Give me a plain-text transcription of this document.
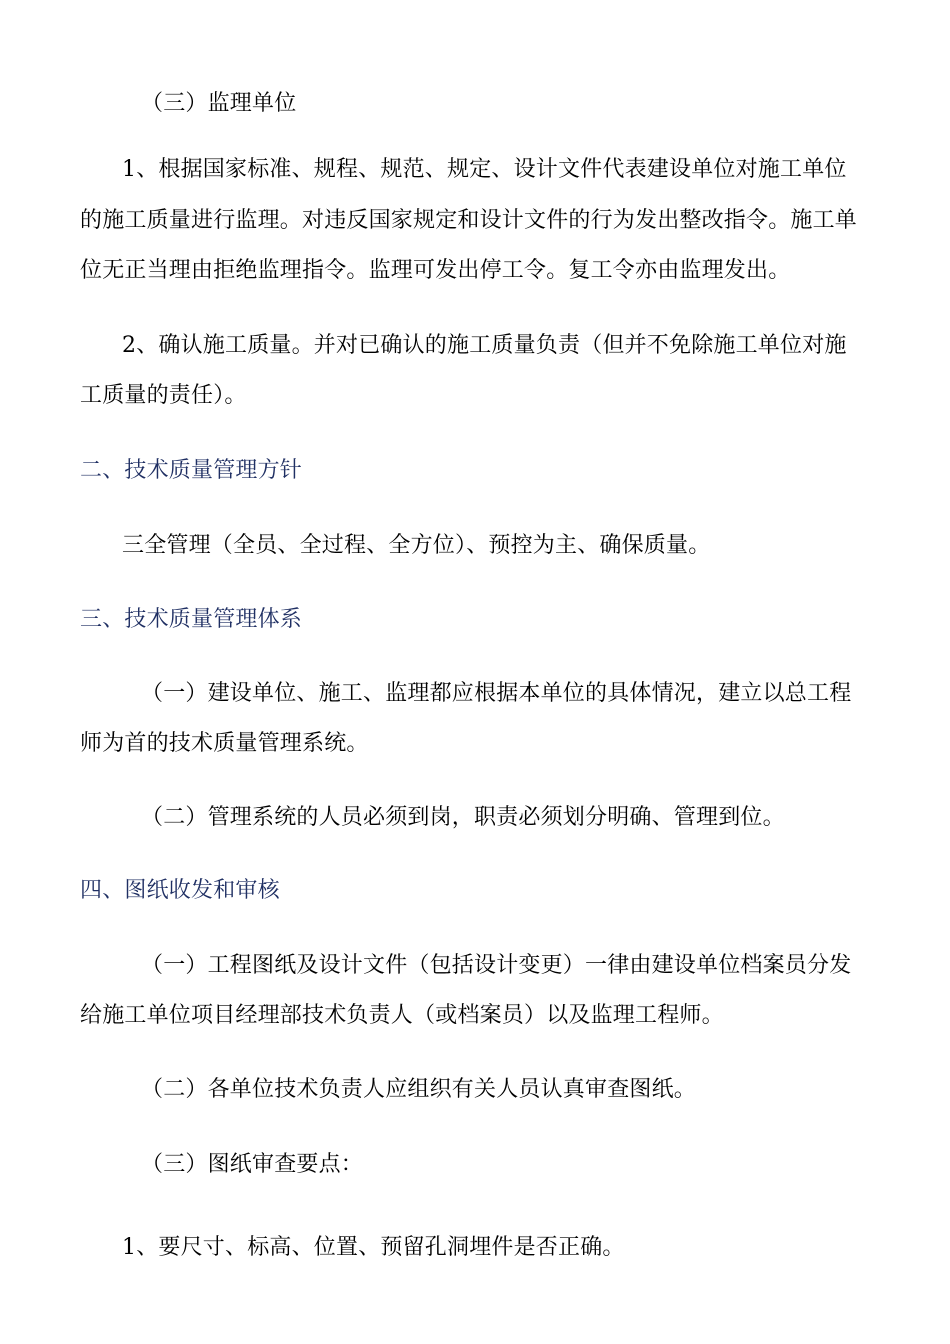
（三）监理单位
1、根据国家标准、规程、规范、规定、设计文件代表建设单位对施工单位
的施工质量进行监理。对违反国家规定和设计文件的行为发出整改指令。施工单
位无正当理由拒绝监理指令。监理可发出停工令。复工令亦由监理发出。
2、确认施工质量。并对已确认的施工质量负责（但并不免除施工单位对施
工质量的责任）。
二、技术质量管理方针
三全管理（全员、全过程、全方位）、预控为主、确保质量。
三、技术质量管理体系
（一）建设单位、施工、监理都应根据本单位的具体情况，建立以总工程
师为首的技术质量管理系统。
（二）管理系统的人员必须到岗，职责必须划分明确、管理到位。
四、图纸收发和审核
（一）工程图纸及设计文件（包括设计变更）一律由建设单位档案员分发
给施工单位项目经理部技术负责人（或档案员）以及监理工程师。
（二）各单位技术负责人应组织有关人员认真审查图纸。
（三）图纸审查要点：
1、要尺寸、标高、位置、预留孔洞埋件是否正确。
